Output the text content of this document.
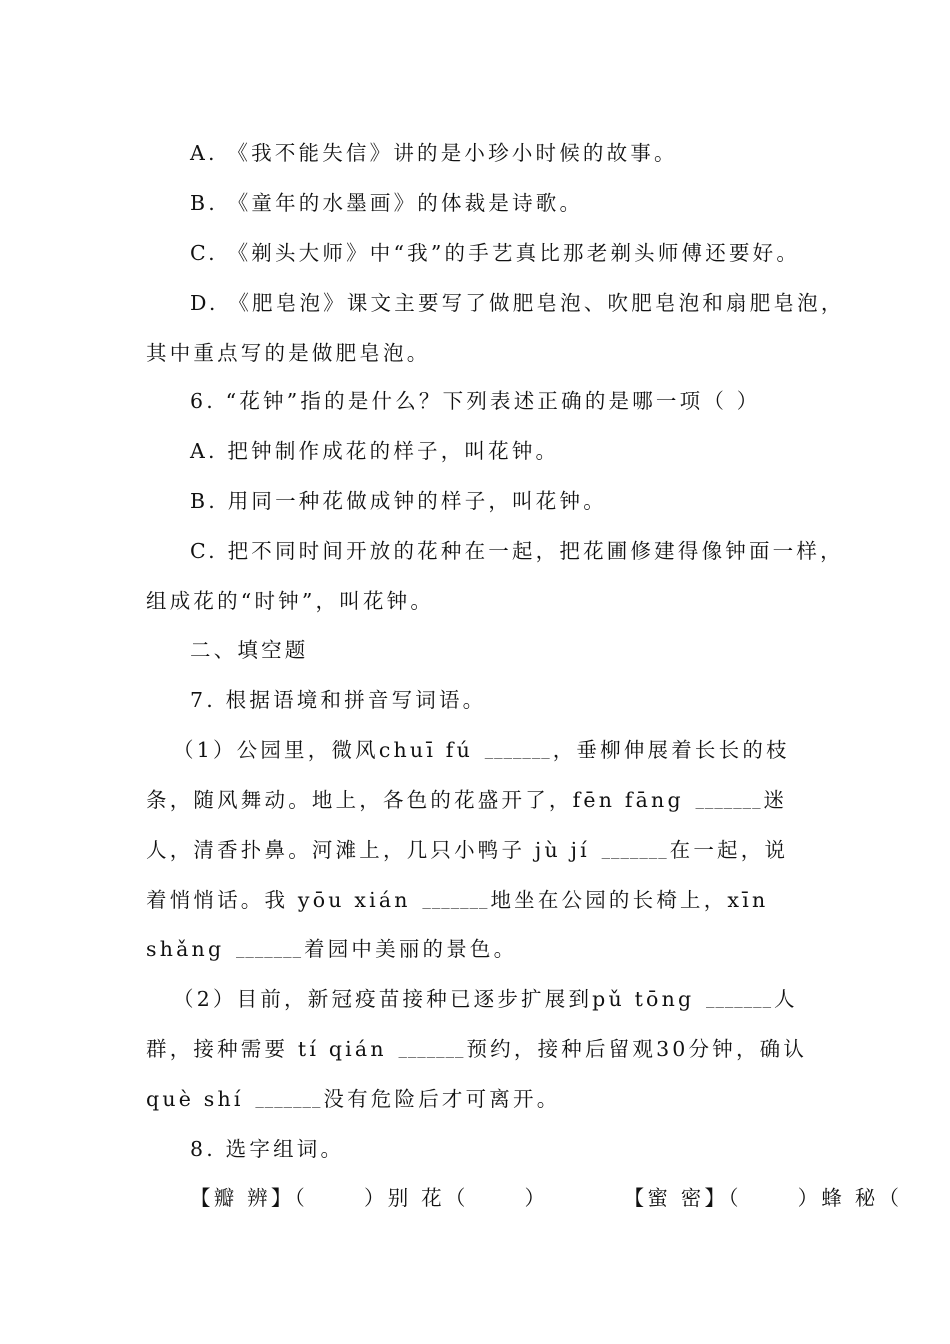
A. 《我不能失信》讲的是小珍小时候的故事。
B. 《童年的水墨画》的体裁是诗歌。
C. 《剃头大师》中“我”的手艺真比那老剃头师傅还要好。
D. 《肥皂泡》课文主要写了做肥皂泡、吹肥皂泡和扇肥皂泡，
其中重点写的是做肥皂泡。
6. “花钟”指的是什么？下列表述正确的是哪一项（ ）
A. 把钟制作成花的样子，叫花钟。
B. 用同一种花做成钟的样子，叫花钟。
C. 把不同时间开放的花种在一起，把花圃修建得像钟面一样，
组成花的“时钟”，叫花钟。
二、填空题
7. 根据语境和拼音写词语。
（1）公园里，微风chuī fú _______，垂柳伸展着长长的枝
条，随风舞动。地上，各色的花盛开了，fēn fāng _______迷
人，清香扑鼻。河滩上，几只小鸭子 jù jí _______在一起，说
着悄悄话。我 yōu xián _______地坐在公园的长椅上，xīn
shǎng _______着园中美丽的景色。
（2）目前，新冠疫苗接种已逐步扩展到pǔ tōng _______人
群，接种需要 tí qián _______预约，接种后留观30分钟，确认
què shí _______没有危险后才可离开。
8. 选字组词。
【瓣 辨】（	）别 花（	）	【蜜 密】（	）蜂 秘（
